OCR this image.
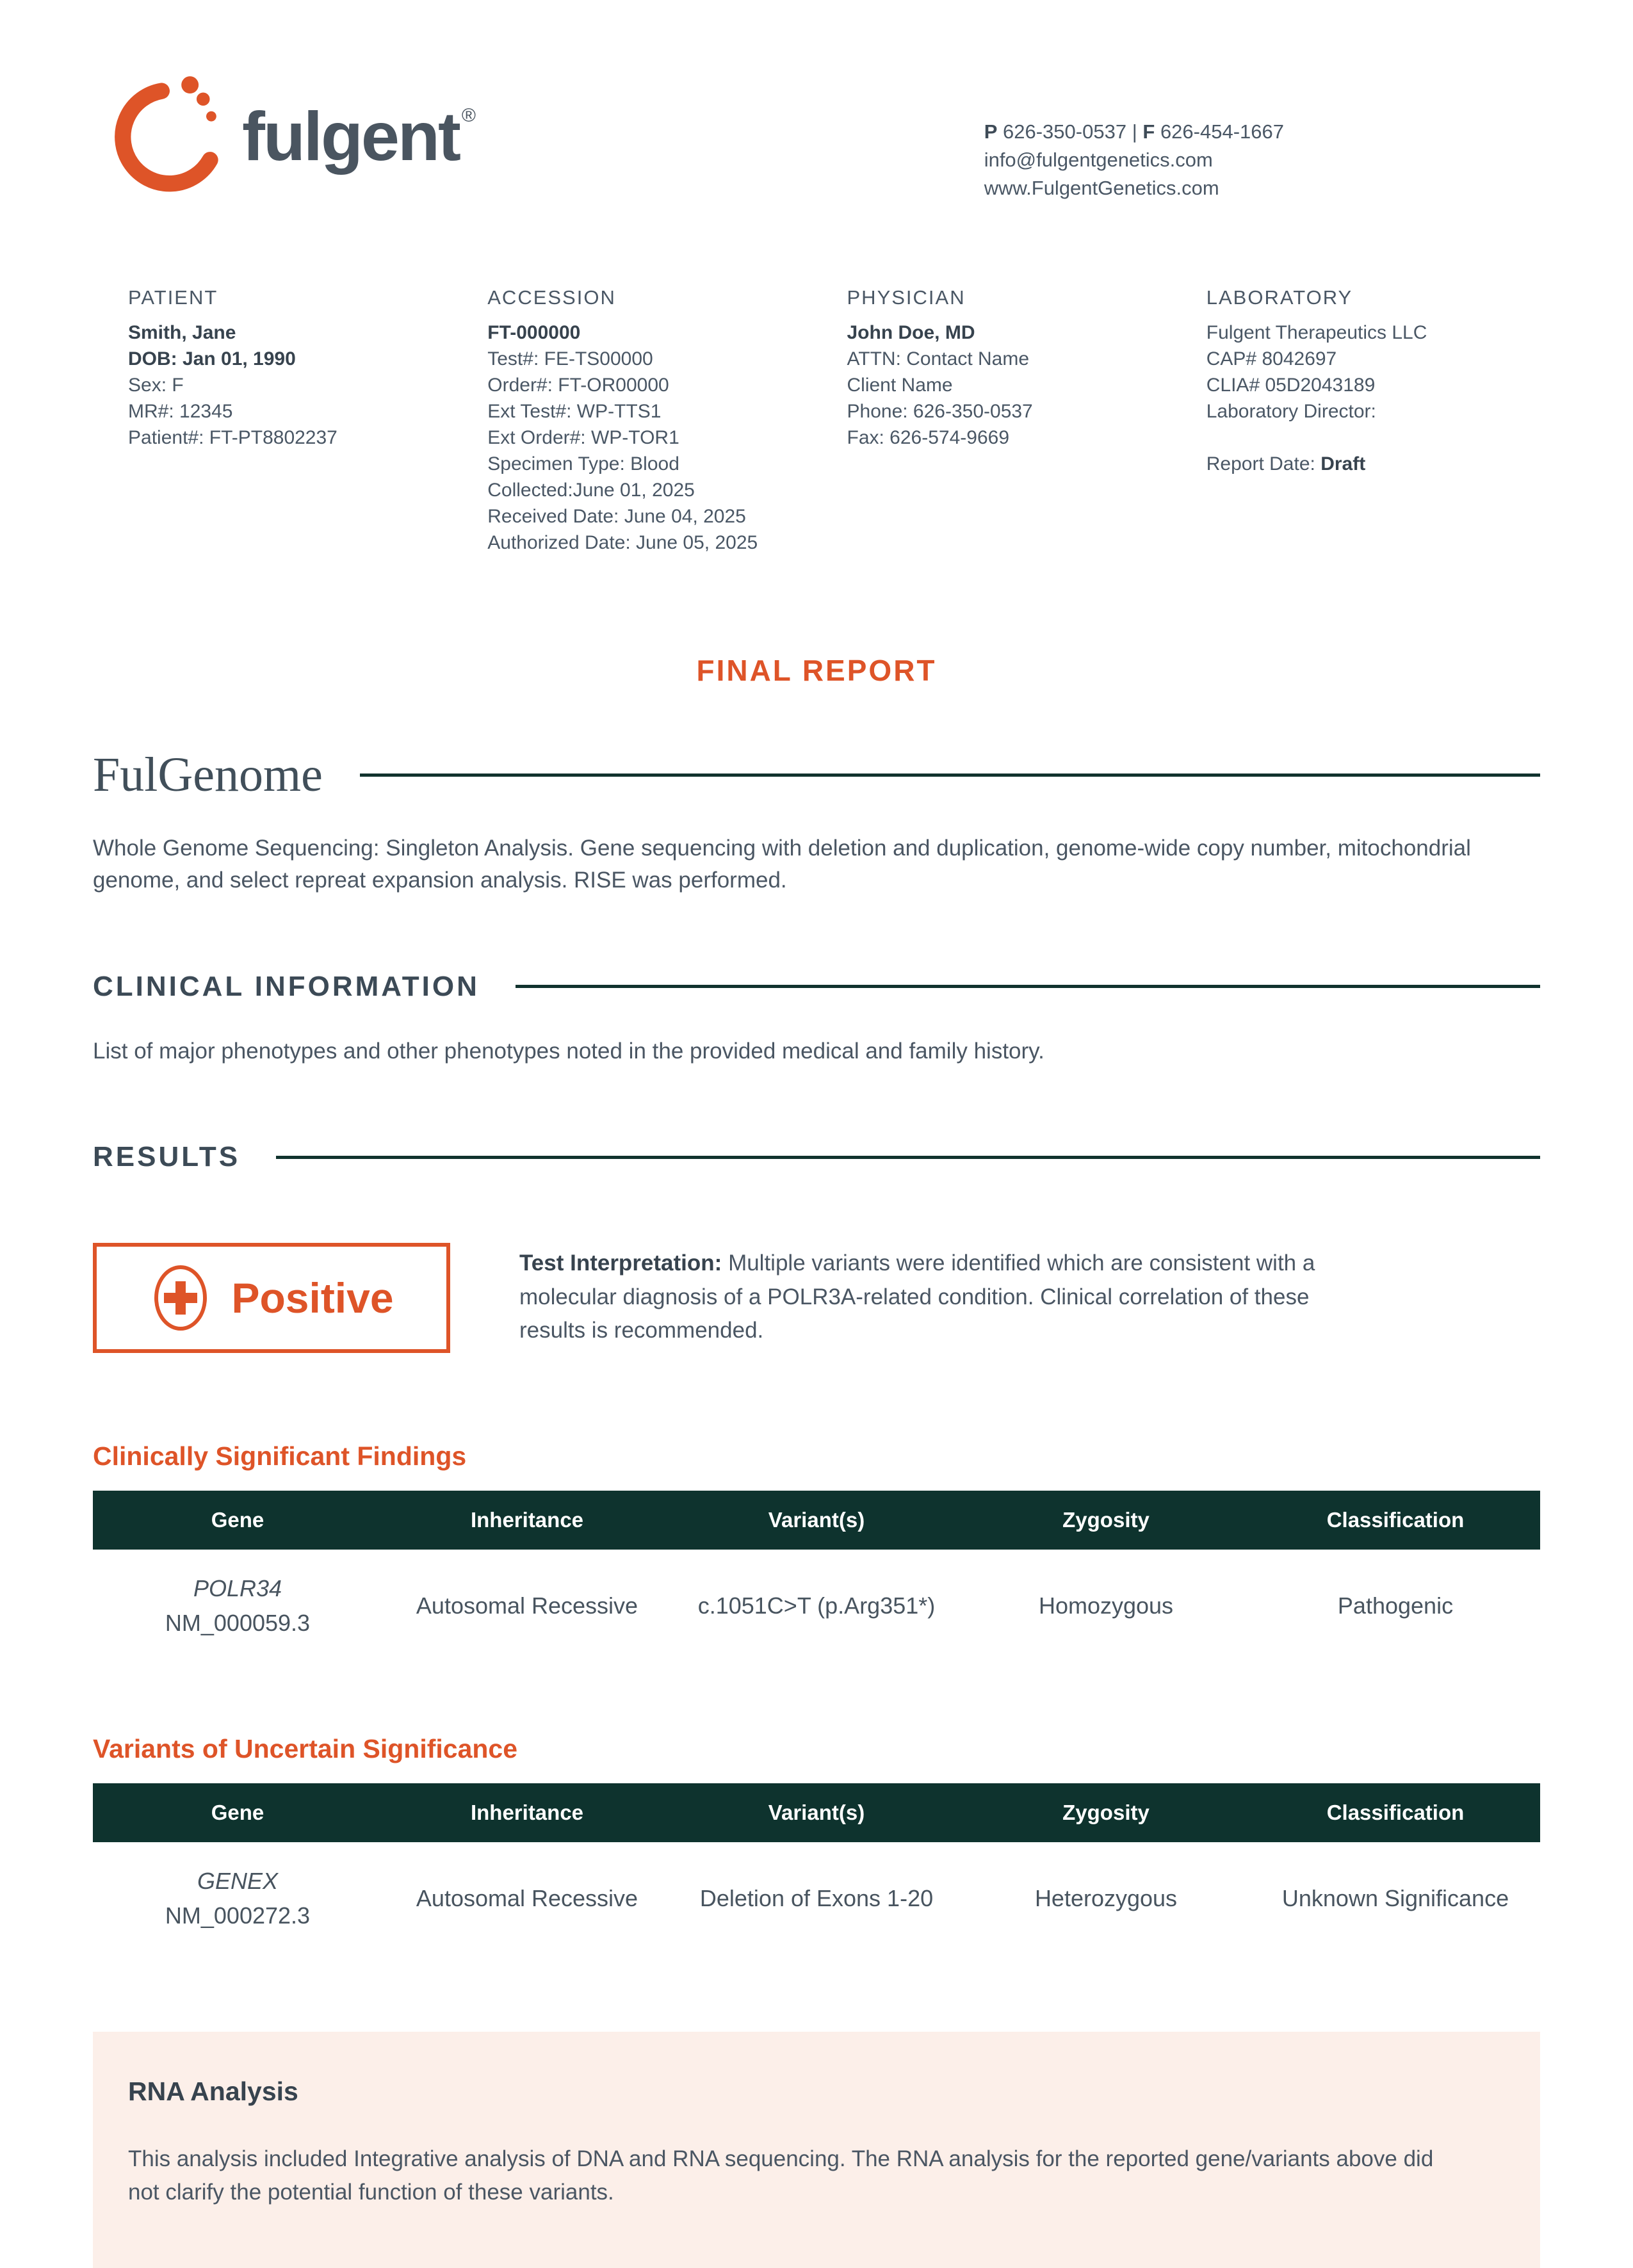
fulgent ®
P 626-350-0537 | F 626-454-1667
info@fulgentgenetics.com
www.FulgentGenetics.com
PATIENT
Smith, Jane
DOB: Jan 01, 1990
Sex: F
MR#: 12345
Patient#: FT-PT8802237
ACCESSION
FT-000000
Test#: FE-TS00000
Order#: FT-OR00000
Ext Test#: WP-TTS1
Ext Order#: WP-TOR1
Specimen Type: Blood
Collected:June 01, 2025
Received Date: June 04, 2025
Authorized Date: June 05, 2025
PHYSICIAN
John Doe, MD
ATTN: Contact Name
Client Name
Phone: 626-350-0537
Fax: 626-574-9669
LABORATORY
Fulgent Therapeutics LLC
CAP# 8042697
CLIA# 05D2043189
Laboratory Director:
Report Date: Draft
FINAL REPORT
FulGenome
Whole Genome Sequencing: Singleton Analysis. Gene sequencing with deletion and duplication, genome-wide copy number, mitochondrial genome, and select repreat expansion analysis. RISE was performed.
CLINICAL INFORMATION
List of major phenotypes and other phenotypes noted in the provided medical and family history.
RESULTS
Positive
Test Interpretation: Multiple variants were identified which are consistent with a molecular diagnosis of a POLR3A-related condition. Clinical correlation of these results is recommended.
Clinically Significant Findings
Gene	Inheritance	Variant(s)	Zygosity	Classification
POLR34
NM_000059.3	Autosomal Recessive	c.1051C>T (p.Arg351*)	Homozygous	Pathogenic
Variants of Uncertain Significance
Gene	Inheritance	Variant(s)	Zygosity	Classification
GENEX
NM_000272.3	Autosomal Recessive	Deletion of Exons 1-20	Heterozygous	Unknown Significance
RNA Analysis
This analysis included Integrative analysis of DNA and RNA sequencing. The RNA analysis for the reported gene/variants above did not clarify the potential function of these variants.
